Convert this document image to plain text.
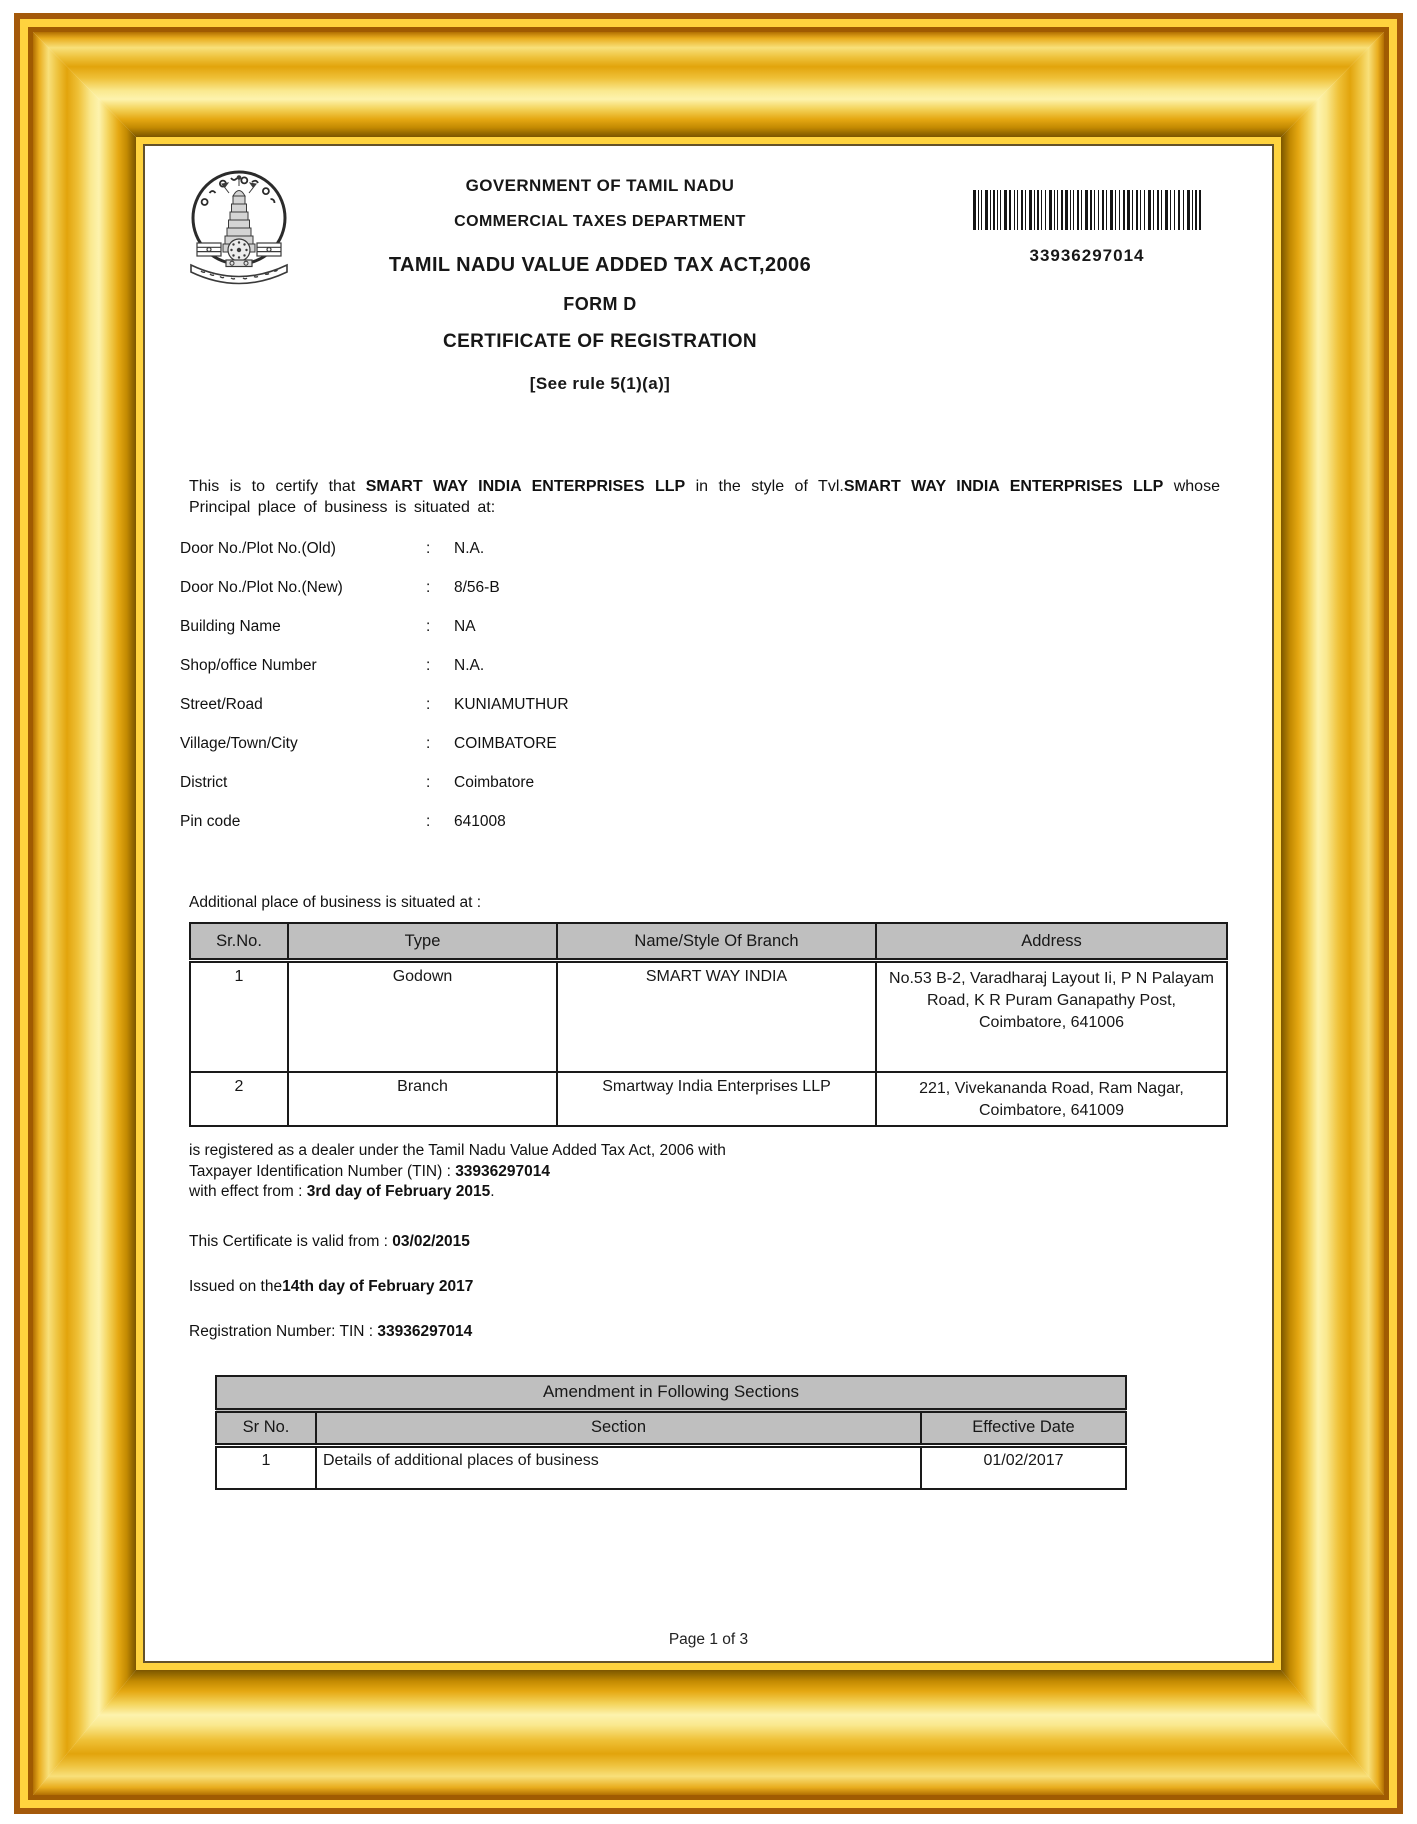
GOVERNMENT OF TAMIL NADU
COMMERCIAL TAXES DEPARTMENT
TAMIL NADU VALUE ADDED TAX ACT,2006
FORM D
CERTIFICATE OF REGISTRATION
[See rule 5(1)(a)]
33936297014

This is to certify that SMART WAY INDIA ENTERPRISES LLP in the style of Tvl.SMART WAY INDIA ENTERPRISES LLP whose Principal place of business is situated at:

Door No./Plot No.(Old)	: N.A.
Door No./Plot No.(New)	: 8/56-B
Building Name	: NA
Shop/office Number	: N.A.
Street/Road	: KUNIAMUTHUR
Village/Town/City	: COIMBATORE
District	: Coimbatore
Pin code	: 641008
Additional place of business is situated at :
Sr.No.	Type	Name/Style Of Branch	Address
1	Godown	SMART WAY INDIA	No.53 B-2, Varadharaj Layout Ii, P N Palayam Road, K R Puram Ganapathy Post, Coimbatore, 641006
2	Branch	Smartway India Enterprises LLP	221, Vivekananda Road, Ram Nagar, Coimbatore, 641009

is registered as a dealer under the Tamil Nadu Value Added Tax Act, 2006 with
Taxpayer Identification Number (TIN) : 33936297014
with effect from : 3rd day of February 2015.

This Certificate is valid from : 03/02/2015

Issued on the14th day of February 2017

Registration Number: TIN : 33936297014

Amendment in Following Sections		
Sr No.	Section	Effective Date
1	Details of additional places of business	01/02/2017
Page 1 of 3
